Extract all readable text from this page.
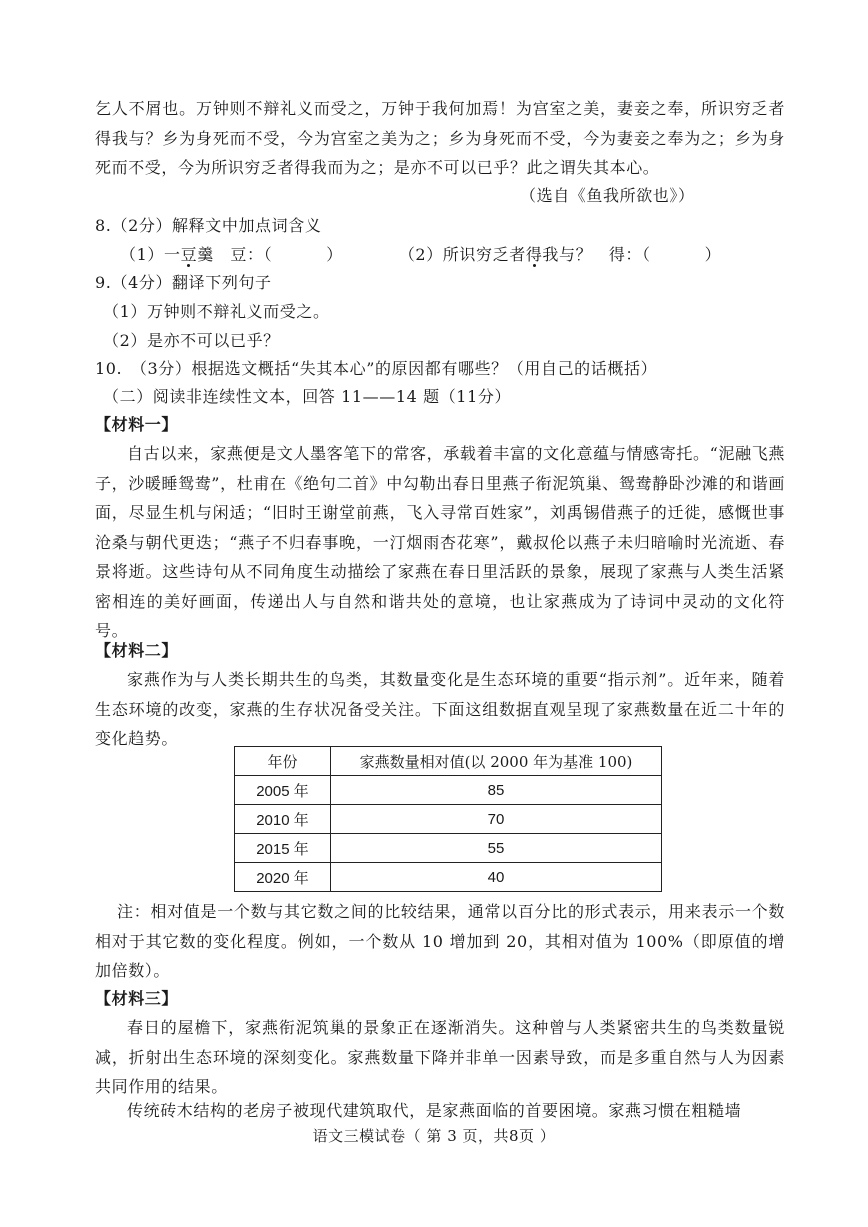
乞人不屑也。万钟则不辩礼义而受之，万钟于我何加焉！为宫室之美，妻妾之奉，所识穷乏者得我与？乡为身死而不受，今为宫室之美为之；乡为身死而不受，今为妻妾之奉为之；乡为身死而不受，今为所识穷乏者得我而为之；是亦不可以已乎？此之谓失其本心。

（选自《鱼我所欲也》）
8.（2分）解释文中加点词含义
（1）一豆羹　豆：（	）	（2）所识穷乏者得我与？　得：（	）
9.（4分）翻译下列句子
（1）万钟则不辩礼义而受之。
（2）是亦不可以已乎？
10.　（3分）根据选文概括“失其本心”的原因都有哪些？（用自己的话概括）
（二）阅读非连续性文本，回答 11——14 题（11分）
【材料一】

自古以来，家燕便是文人墨客笔下的常客，承载着丰富的文化意蕴与情感寄托。“泥融飞燕子，沙暖睡鸳鸯”，杜甫在《绝句二首》中勾勒出春日里燕子衔泥筑巢、鸳鸯静卧沙滩的和谐画面，尽显生机与闲适；“旧时王谢堂前燕，飞入寻常百姓家”，刘禹锡借燕子的迁徙，感慨世事沧桑与朝代更迭；“燕子不归春事晚，一汀烟雨杏花寒”，戴叔伦以燕子未归暗喻时光流逝、春景将逝。这些诗句从不同角度生动描绘了家燕在春日里活跃的景象，展现了家燕与人类生活紧密相连的美好画面，传递出人与自然和谐共处的意境，也让家燕成为了诗词中灵动的文化符号。

【材料二】

家燕作为与人类长期共生的鸟类，其数量变化是生态环境的重要“指示剂”。近年来，随着生态环境的改变，家燕的生存状况备受关注。下面这组数据直观呈现了家燕数量在近二十年的变化趋势。

年份	家燕数量相对值(以 2000 年为基准 100)
2005 年	85
2010 年	70
2015 年	55
2020 年	40

注：相对值是一个数与其它数之间的比较结果，通常以百分比的形式表示，用来表示一个数相对于其它数的变化程度。例如，一个数从 10 增加到 20，其相对值为 100%（即原值的增加倍数）。

【材料三】

春日的屋檐下，家燕衔泥筑巢的景象正在逐渐消失。这种曾与人类紧密共生的鸟类数量锐减，折射出生态环境的深刻变化。家燕数量下降并非单一因素导致，而是多重自然与人为因素共同作用的结果。

传统砖木结构的老房子被现代建筑取代，是家燕面临的首要困境。家燕习惯在粗糙墙

语文三模试卷（ 第 3 页，共8页 ）
